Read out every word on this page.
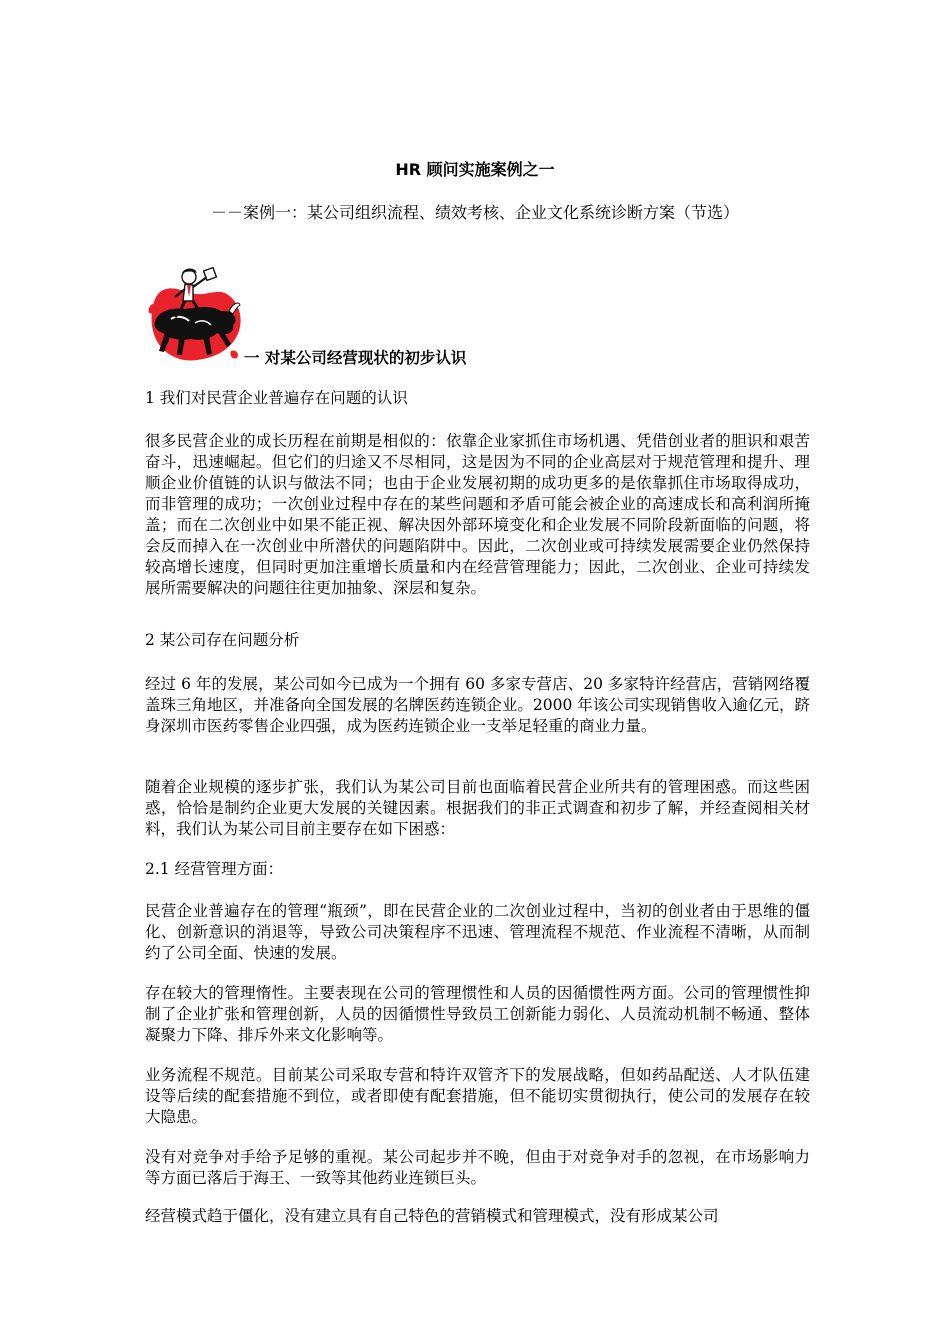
HR 顾问实施案例之一
－－案例一：某公司组织流程、绩效考核、企业文化系统诊断方案（节选）
一 对某公司经营现状的初步认识

1 我们对民营企业普遍存在问题的认识

很多民营企业的成长历程在前期是相似的：依靠企业家抓住市场机遇、凭借创业者的胆识和艰苦奋斗，迅速崛起。但它们的归途又不尽相同，这是因为不同的企业高层对于规范管理和提升、理顺企业价值链的认识与做法不同；也由于企业发展初期的成功更多的是依靠抓住市场取得成功，而非管理的成功；一次创业过程中存在的某些问题和矛盾可能会被企业的高速成长和高利润所掩盖；而在二次创业中如果不能正视、解决因外部环境变化和企业发展不同阶段新面临的问题，将会反而掉入在一次创业中所潜伏的问题陷阱中。因此，二次创业或可持续发展需要企业仍然保持较高增长速度，但同时更加注重增长质量和内在经营管理能力；因此，二次创业、企业可持续发展所需要解决的问题往往更加抽象、深层和复杂。

2 某公司存在问题分析

经过 6 年的发展，某公司如今已成为一个拥有 60 多家专营店、20 多家特许经营店，营销网络覆盖珠三角地区，并准备向全国发展的名牌医药连锁企业。2000 年该公司实现销售收入逾亿元，跻身深圳市医药零售企业四强，成为医药连锁企业一支举足轻重的商业力量。

随着企业规模的逐步扩张，我们认为某公司目前也面临着民营企业所共有的管理困惑。而这些困惑，恰恰是制约企业更大发展的关键因素。根据我们的非正式调查和初步了解，并经查阅相关材料，我们认为某公司目前主要存在如下困惑：

2.1 经营管理方面：

民营企业普遍存在的管理“瓶颈”，即在民营企业的二次创业过程中，当初的创业者由于思维的僵化、创新意识的消退等，导致公司决策程序不迅速、管理流程不规范、作业流程不清晰，从而制约了公司全面、快速的发展。

存在较大的管理惰性。主要表现在公司的管理惯性和人员的因循惯性两方面。公司的管理惯性抑制了企业扩张和管理创新，人员的因循惯性导致员工创新能力弱化、人员流动机制不畅通、整体凝聚力下降、排斥外来文化影响等。

业务流程不规范。目前某公司采取专营和特许双管齐下的发展战略，但如药品配送、人才队伍建设等后续的配套措施不到位，或者即使有配套措施，但不能切实贯彻执行，使公司的发展存在较大隐患。

没有对竞争对手给予足够的重视。某公司起步并不晚，但由于对竞争对手的忽视，在市场影响力等方面已落后于海王、一致等其他药业连锁巨头。

经营模式趋于僵化，没有建立具有自己特色的营销模式和管理模式，没有形成某公司
